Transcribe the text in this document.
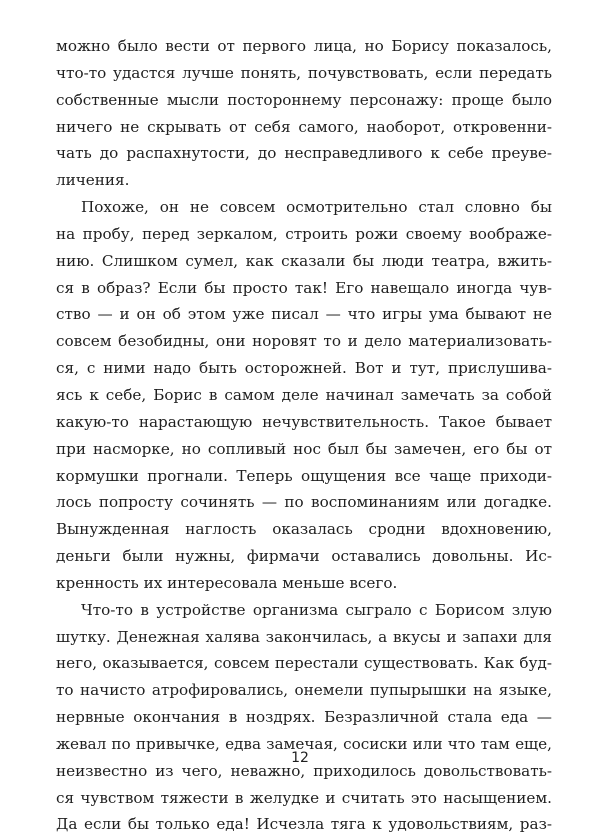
можно было вести от первого лица, но Борису показалось,
что-то удастся лучше понять, почувствовать, если передать
собственные мысли постороннему персонажу: проще было
ничего не скрывать от себя самого, наоборот, откровенни-
чать до распахнутости, до несправедливого к себе преуве-
личения.
Похоже, он не совсем осмотрительно стал словно бы
на пробу, перед зеркалом, строить рожи своему воображе-
нию. Слишком сумел, как сказали бы люди театра, вжить-
ся в образ? Если бы просто так! Его навещало иногда чув-
ство — и он об этом уже писал — что игры ума бывают не
совсем безобидны, они норовят то и дело материализовать-
ся, с ними надо быть осторожней. Вот и тут, прислушива-
ясь к себе, Борис в самом деле начинал замечать за собой
какую-то нарастающую нечувствительность. Такое бывает
при насморке, но сопливый нос был бы замечен, его бы от
кормушки прогнали. Теперь ощущения все чаще приходи-
лось попросту сочинять — по воспоминаниям или догадке.
Вынужденная наглость оказалась сродни вдохновению,
деньги были нужны, фирмачи оставались довольны. Ис-
кренность их интересовала меньше всего.
Что-то в устройстве организма сыграло с Борисом злую
шутку. Денежная халява закончилась, а вкусы и запахи для
него, оказывается, совсем перестали существовать. Как буд-
то начисто атрофировались, онемели пупырышки на языке,
нервные окончания в ноздрях. Безразличной стала еда —
жевал по привычке, едва замечая, сосиски или что там еще,
неизвестно из чего, неважно, приходилось довольствовать-
ся чувством тяжести в желудке и считать это насыщением.
Да если бы только еда! Исчезла тяга к удовольствиям, раз-
12
